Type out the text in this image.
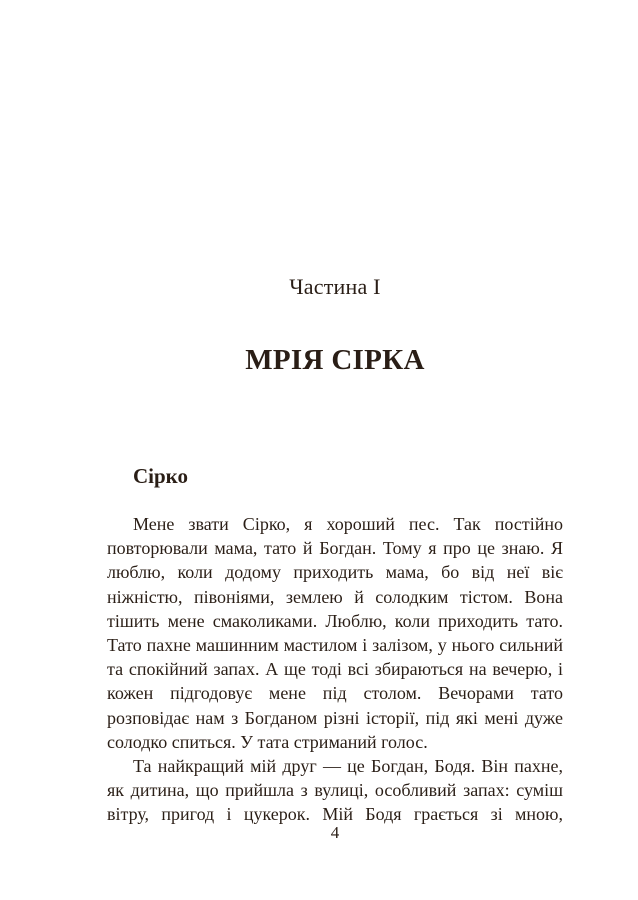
Частина І
МРІЯ СІРКА
Сірко

Мене звати Сірко, я хороший пес. Так постійно повторювали мама, тато й Богдан. Тому я про це знаю. Я люблю, коли додому приходить мама, бо від неї віє ніжністю, півоніями, землею й солодким тістом. Вона тішить мене смаколиками. Люблю, коли приходить тато. Тато пахне машинним мастилом і залізом, у нього сильний та спокійний запах. А ще тоді всі збираються на вечерю, і кожен підгодовує мене під столом. Вечорами тато розповідає нам з Богданом різні історії, під які мені дуже солодко спиться. У тата стриманий голос.

Та найкращий мій друг — це Богдан, Бодя. Він пахне, як дитина, що прийшла з вулиці, особливий запах: суміш вітру, пригод і цукерок. Мій Бодя грається зі мною,

4
